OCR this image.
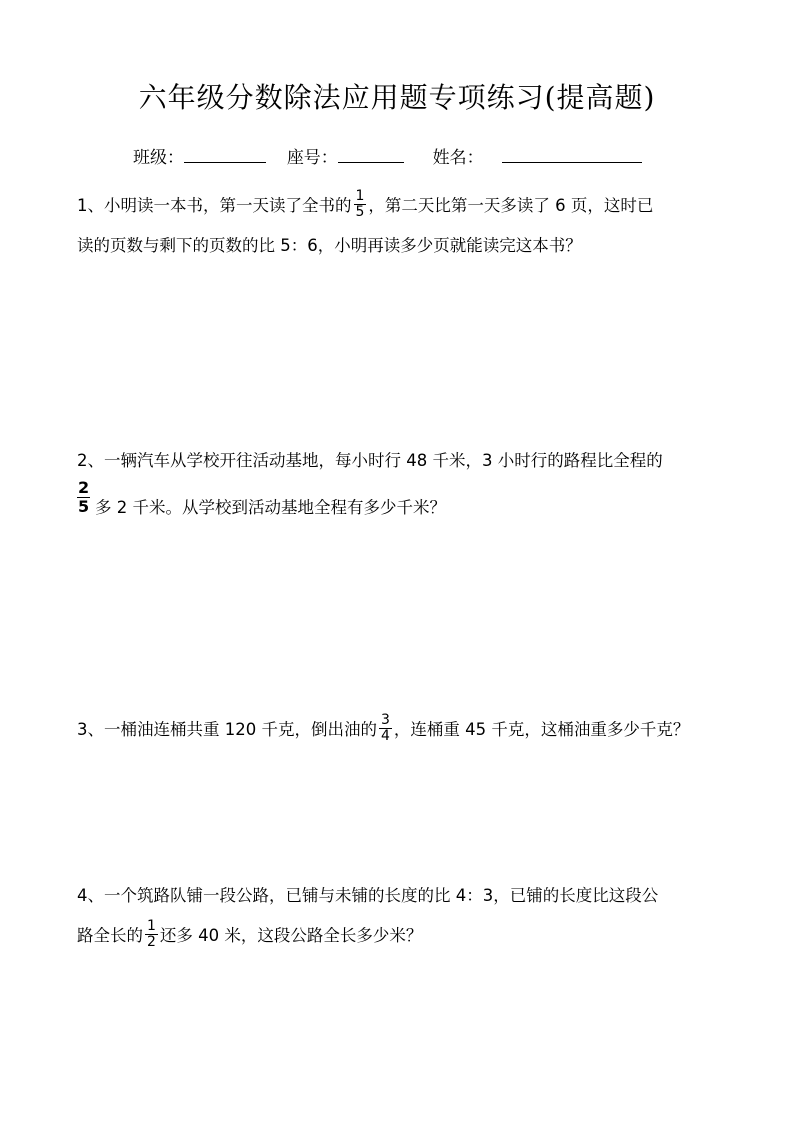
六年级分数除法应用题专项练习(提高题)
班级：	座号：	姓名：
1、小明读一本书，第一天读了全书的 $\frac{1}{5}$ ，第二天比第一天多读了 6 页，这时已
读的页数与剩下的页数的比 5：6，小明再读多少页就能读完这本书？
2、一辆汽车从学校开往活动基地，每小时行 48 千米，3 小时行的路程比全程的
$\frac{2}{5}$ 多 2 千米。从学校到活动基地全程有多少千米？
3、一桶油连桶共重 120 千克，倒出油的 $\frac{3}{4}$ ，连桶重 45 千克，这桶油重多少千克？
4、一个筑路队铺一段公路，已铺与未铺的长度的比 4：3，已铺的长度比这段公
路全长的 $\frac{1}{2}$ 还多 40 米，这段公路全长多少米？
